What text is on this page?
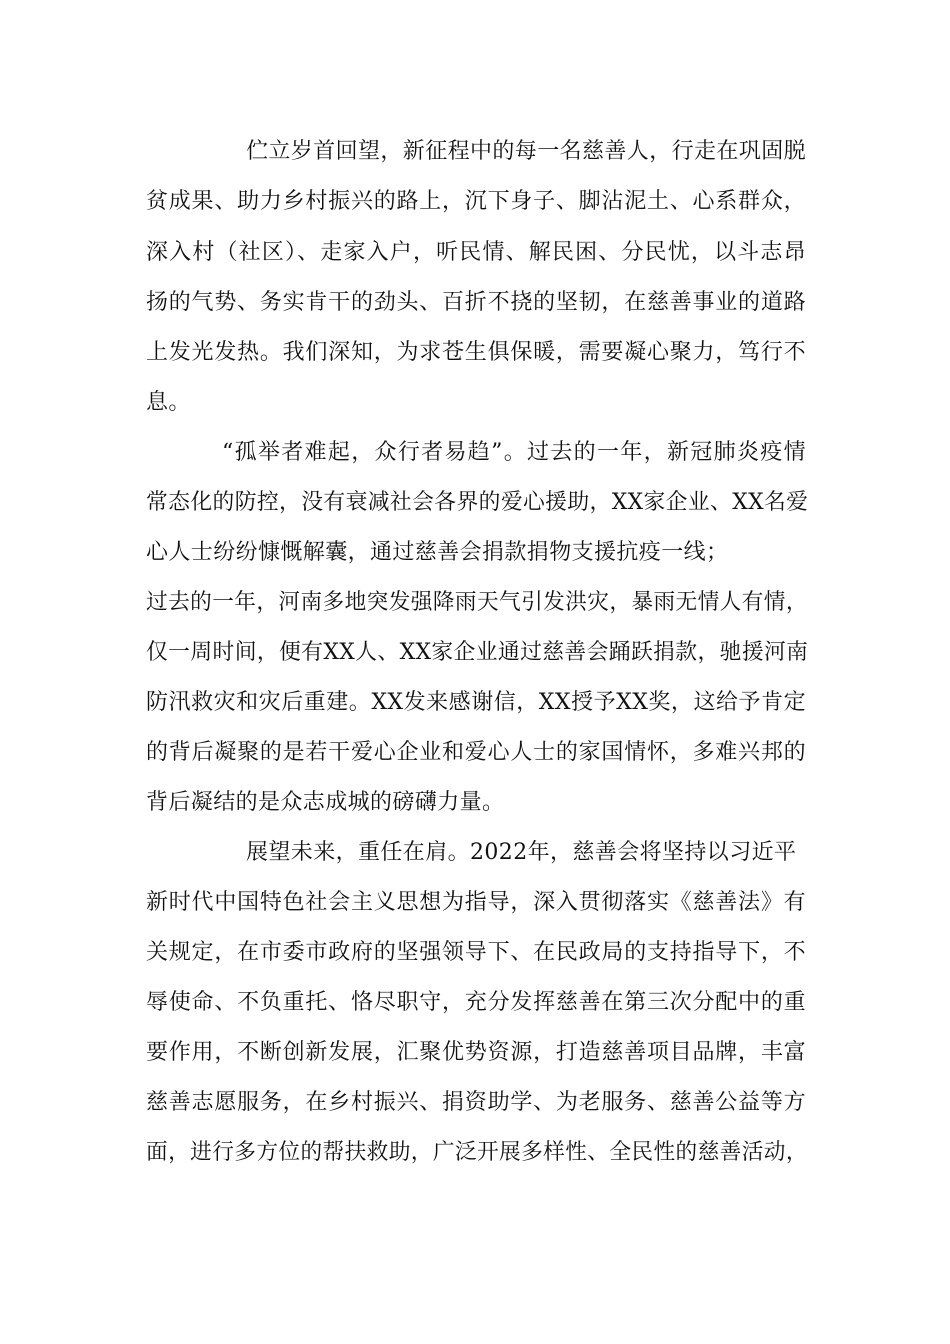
伫立岁首回望，新征程中的每一名慈善人，行走在巩固脱
贫成果、助力乡村振兴的路上，沉下身子、脚沾泥土、心系群众，
深入村（社区）、走家入户，听民情、解民困、分民忧，以斗志昂
扬的气势、务实肯干的劲头、百折不挠的坚韧，在慈善事业的道路
上发光发热。我们深知，为求苍生俱保暖，需要凝心聚力，笃行不
息。
“孤举者难起，众行者易趋”。过去的一年，新冠肺炎疫情
常态化的防控，没有衰减社会各界的爱心援助，XX家企业、XX名爱
心人士纷纷慷慨解囊，通过慈善会捐款捐物支援抗疫一线；
过去的一年，河南多地突发强降雨天气引发洪灾，暴雨无情人有情，
仅一周时间，便有XX人、XX家企业通过慈善会踊跃捐款，驰援河南
防汛救灾和灾后重建。XX发来感谢信，XX授予XX奖，这给予肯定
的背后凝聚的是若干爱心企业和爱心人士的家国情怀，多难兴邦的
背后凝结的是众志成城的磅礴力量。
展望未来，重任在肩。2022年，慈善会将坚持以习近平
新时代中国特色社会主义思想为指导，深入贯彻落实《慈善法》有
关规定，在市委市政府的坚强领导下、在民政局的支持指导下，不
辱使命、不负重托、恪尽职守，充分发挥慈善在第三次分配中的重
要作用，不断创新发展，汇聚优势资源，打造慈善项目品牌，丰富
慈善志愿服务，在乡村振兴、捐资助学、为老服务、慈善公益等方
面，进行多方位的帮扶救助，广泛开展多样性、全民性的慈善活动，
